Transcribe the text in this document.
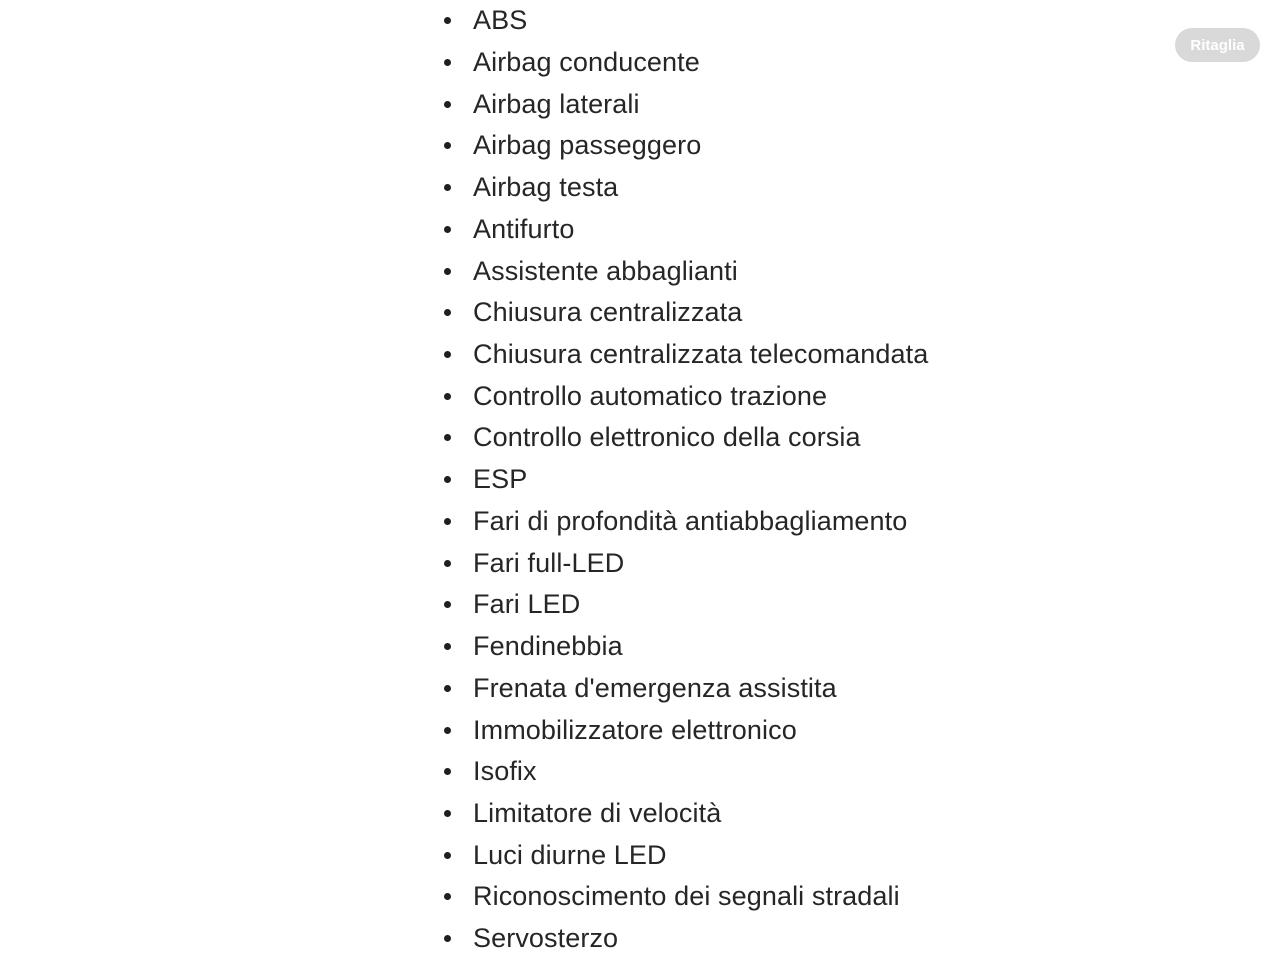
ABS
Airbag conducente
Airbag laterali
Airbag passeggero
Airbag testa
Antifurto
Assistente abbaglianti
Chiusura centralizzata
Chiusura centralizzata telecomandata
Controllo automatico trazione
Controllo elettronico della corsia
ESP
Fari di profondità antiabbagliamento
Fari full-LED
Fari LED
Fendinebbia
Frenata d'emergenza assistita
Immobilizzatore elettronico
Isofix
Limitatore di velocità
Luci diurne LED
Riconoscimento dei segnali stradali
Servosterzo
Ritaglia
